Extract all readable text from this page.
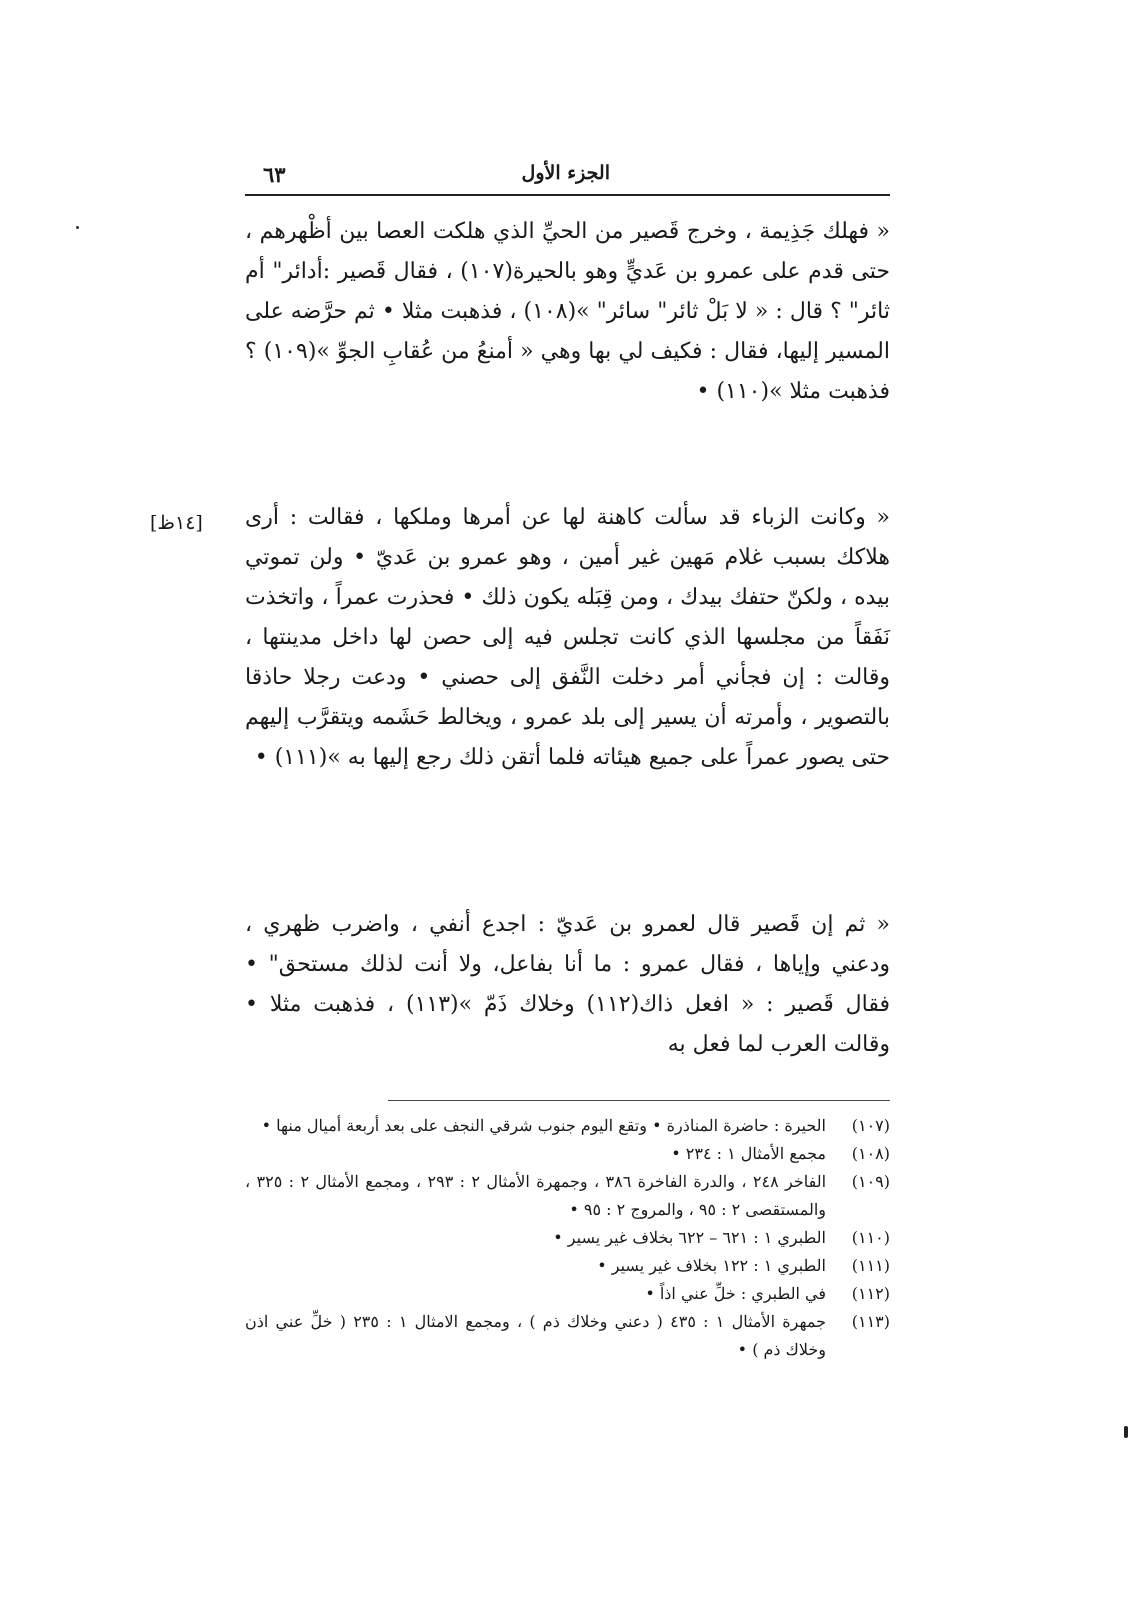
[١٤ظ]
الجزء الأول
٦٣

« فهلك جَذِيمة ، وخرج قَصير من الحيِّ الذي هلكت العصا بين أظْهرهم ، حتى قدم على عمرو بن عَديٍّ وهو بالحيرة(١٠٧) ، فقال قَصير :أدائر" أم ثائر" ؟ قال : « لا بَلْ ثائر" سائر" »(١٠٨) ، فذهبت مثلا • ثم حرَّضه على المسير إليها، فقال : فكيف لي بها وهي « أمنعُ من عُقابِ الجوِّ »(١٠٩) ؟ فذهبت مثلا »(١١٠) •

« وكانت الزباء قد سألت كاهنة لها عن أمرها وملكها ، فقالت : أرى هلاكك بسبب غلام مَهين غير أمين ، وهو عمرو بن عَديّ • ولن تموتي بيده ، ولكنّ حتفك بيدك ، ومن قِبَله يكون ذلك • فحذرت عمراً ، واتخذت نَفَقاً من مجلسها الذي كانت تجلس فيه إلى حصن لها داخل مدينتها ، وقالت : إن فجأني أمر دخلت النَّفق إلى حصني • ودعت رجلا حاذقا بالتصوير ، وأمرته أن يسير إلى بلد عمرو ، ويخالط حَشَمه ويتقرَّب إليهم حتى يصور عمراً على جميع هيئاته فلما أتقن ذلك رجع إليها به »(١١١) •

« ثم إن قَصير قال لعمرو بن عَديّ : اجدع أنفي ، واضرب ظهري ، ودعني وإياها ، فقال عمرو : ما أنا بفاعل، ولا أنت لذلك مستحق" • فقال قَصير : « افعل ذاك(١١٢) وخلاك ذَمّ »(١١٣) ، فذهبت مثلا • وقالت العرب لما فعل به

(١٠٧)
الحيرة : حاضرة المناذرة • وتقع اليوم جنوب شرقي النجف على بعد أربعة أميال منها •
(١٠٨)
مجمع الأمثال ١ : ٢٣٤ •
(١٠٩)
الفاخر ٢٤٨ ، والدرة الفاخرة ٣٨٦ ، وجمهرة الأمثال ٢ : ٢٩٣ ، ومجمع الأمثال ٢ : ٣٢٥ ، والمستقصى ٢ : ٩٥ ، والمروج ٢ : ٩٥ •
(١١٠)
الطبري ١ : ٦٢١ – ٦٢٢ بخلاف غير يسير •
(١١١)
الطبري ١ : ١٢٢ بخلاف غير يسير •
(١١٢)
في الطبري : خلِّ عني اذاً •
(١١٣)
جمهرة الأمثال ١ : ٤٣٥ ( دعني وخلاك ذم ) ، ومجمع الامثال ١ : ٢٣٥ ( خلِّ عني اذن وخلاك ذم ) •
